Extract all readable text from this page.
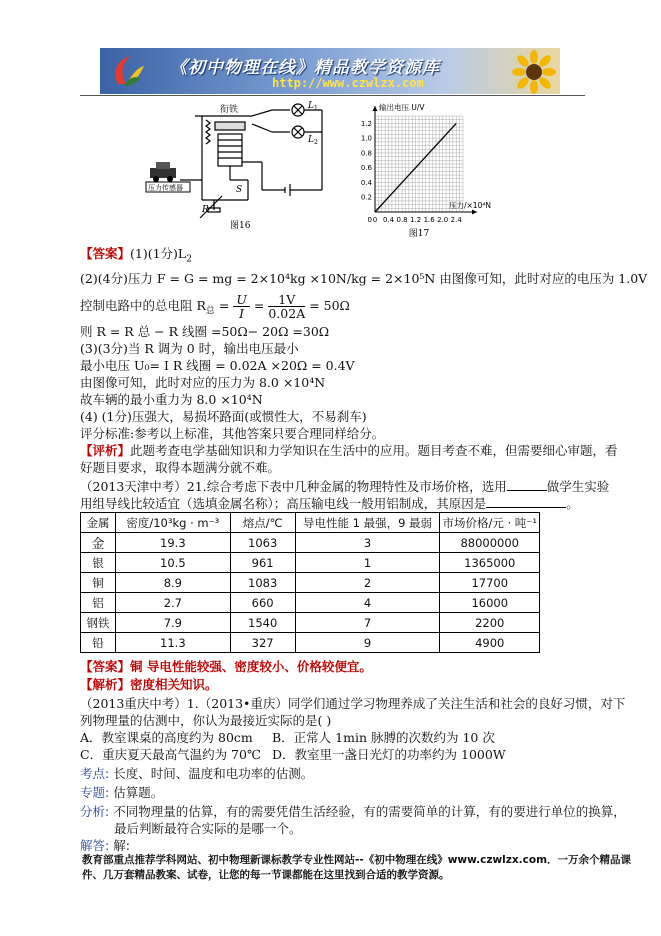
《初中物理在线》精品教学资源库
http://www.czwlzx.com
衔铁	L 1
L 2
压力传感器	S
R
图16
0 0.4 0.8 1.2 1.6 2.0 2.4
0.2
0.4
0.6
0.8
1.0
1.2
0
输出电压 U/V
压力/×10⁴N
图17
【答案】(1)(1分)$L_2$
(2)(4分)压力 F = G = mg = 2×10⁴kg ×10N/kg = 2×10⁵N 由图像可知，此时对应的电压为 1.0V
控制电路中的总电阻 $R_总 = \frac{U}{I} = \frac{1V}{0.02A} = 50\Omega$
则 R = R 总 − R 线圈 =50Ω− 20Ω =30Ω
(3)(3分)当 R 调为 0 时，输出电压最小
最小电压 U₀= I R 线圈 = 0.02A ×20Ω = 0.4V
由图像可知，此时对应的压力为 8.0 ×10⁴N
故车辆的最小重力为 8.0 ×10⁴N
(4) (1分)压强大，易损坏路面(或惯性大，不易刹车)
评分标准:参考以上标准，其他答案只要合理同样给分。
【评析】此题考查电学基础知识和力学知识在生活中的应用。题目考查不难，但需要细心审题，看
好题目要求，取得本题满分就不难。
（2013天津中考）21.综合考虑下表中几种金属的物理特性及市场价格，选用	做学生实验
用组导线比较适宜（选填金属名称）；高压输电线一般用铝制成，其原因是	。
金属	密度/10³kg · m⁻³	熔点/℃	导电性能 1 最强，9 最弱	市场价格/元 · 吨⁻¹
金	19.3	1063	3	88000000
银	10.5	961	1	1365000
铜	8.9	1083	2	17700
铝	2.7	660	4	16000
钢铁	7.9	1540	7	2200
铅	11.3	327	9	4900
【答案】铜 导电性能较强、密度较小、价格较便宜。
【解析】密度相关知识。
（2013重庆中考）1.（2013•重庆）同学们通过学习物理养成了关注生活和社会的良好习惯，对下
列物理量的估测中，你认为最接近实际的是( )
A．教室课桌的高度约为 80cm B．正常人 1min 脉膊的次数约为 10 次
C．重庆夏天最高气温约为 70℃ D．教室里一盏日光灯的功率约为 1000W
考点: 长度、时间、温度和电功率的估测。
专题: 估算题。
分析: 不同物理量的估算，有的需要凭借生活经验，有的需要简单的计算，有的要进行单位的换算，
最后判断最符合实际的是哪一个。
解答: 解:
教育部重点推荐学科网站、初中物理新课标教学专业性网站--《初中物理在线》www.czwlzx.com．一万余个精品课
件、几万套精品教案、试卷，让您的每一节课都能在这里找到合适的教学资源。
